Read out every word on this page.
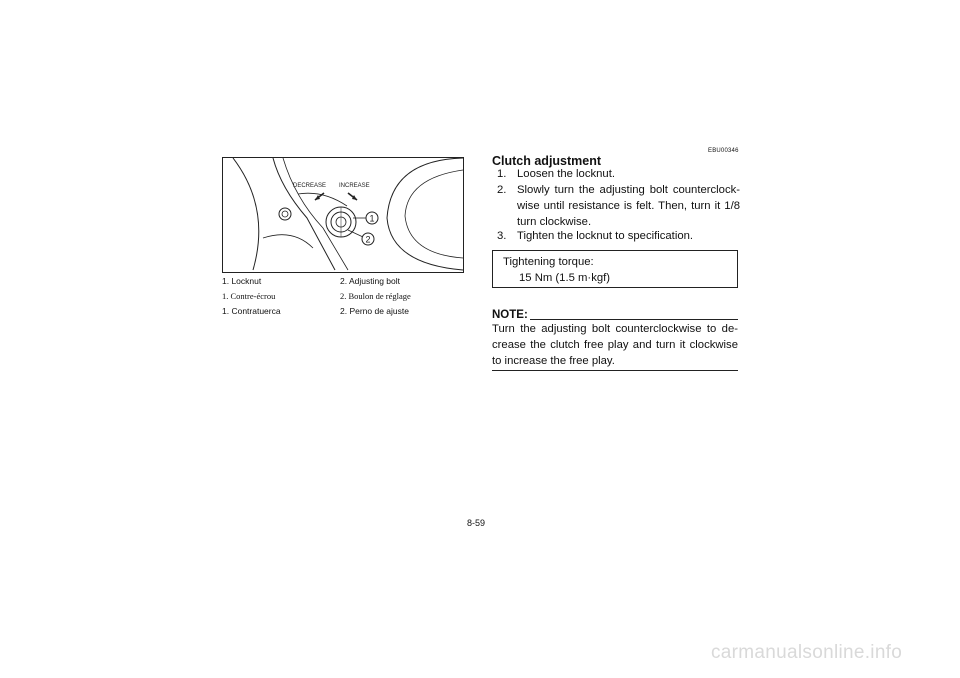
DECREASE INCREASE
1
2
1. Locknut	2. Adjusting bolt
1. Contre-écrou	2. Boulon de réglage
1. Contratuerca	2. Perno de ajuste
EBU00346
Clutch adjustment
1. Loosen the locknut.
2. Slowly turn the adjusting bolt counterclock-wise until resistance is felt. Then, turn it 1/8 turn clockwise.
3. Tighten the locknut to specification.
Tightening torque:
15 Nm (1.5 m·kgf)
NOTE:
Turn the adjusting bolt counterclockwise to de-crease the clutch free play and turn it clockwise to increase the free play.
8-59
carmanualsonline.info
